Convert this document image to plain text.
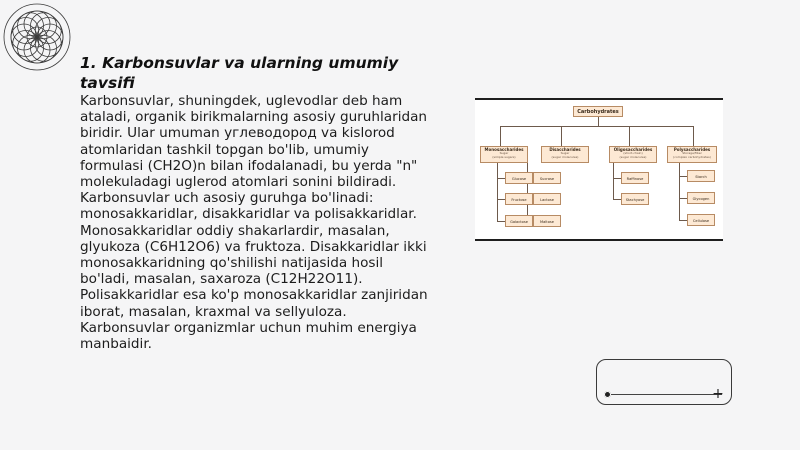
1. Karbonsuvlar va ularning umumiy tavsifi

Karbonsuvlar, shuningdek, uglevodlar deb ham ataladi, organik birikmalarning asosiy guruhlaridan biridir. Ular umuman углеводород va kislorod atomlaridan tashkil topgan bo'lib, umumiy formulasi (CH2O)n bilan ifodalanadi, bu yerda "n" molekuladagi uglerod atomlari sonini bildiradi. Karbonsuvlar uch asosiy guruhga bo'linadi: monosakkaridlar, disakkaridlar va polisakkaridlar. Monosakkaridlar oddiy shakarlardir, masalan, glyukoza (C6H12O6) va fruktoza. Disakkaridlar ikki monosakkaridning qo'shilishi natijasida hosil bo'ladi, masalan, saxaroza (C12H22O11). Polisakkaridlar esa ko'p monosakkaridlar zanjiridan iborat, masalan, kraxmal va sellyuloza. Karbonsuvlar organizmlar uchun muhim energiya manbaidir.

Carbohydrates
Monosaccharides
Sugar
(simple sugars)
Disaccharides
Sugar
(sugar molecules)
Oligosaccharides
(short-chain)
(sugar molecules)
Polysaccharides
Storage/fiber
(complex carbohydrates)
Glucose
Fructose
Galactose
Sucrose
Lactose
Maltose
Raffinose
Stachyose
Starch
Glycogen
Cellulose
+
